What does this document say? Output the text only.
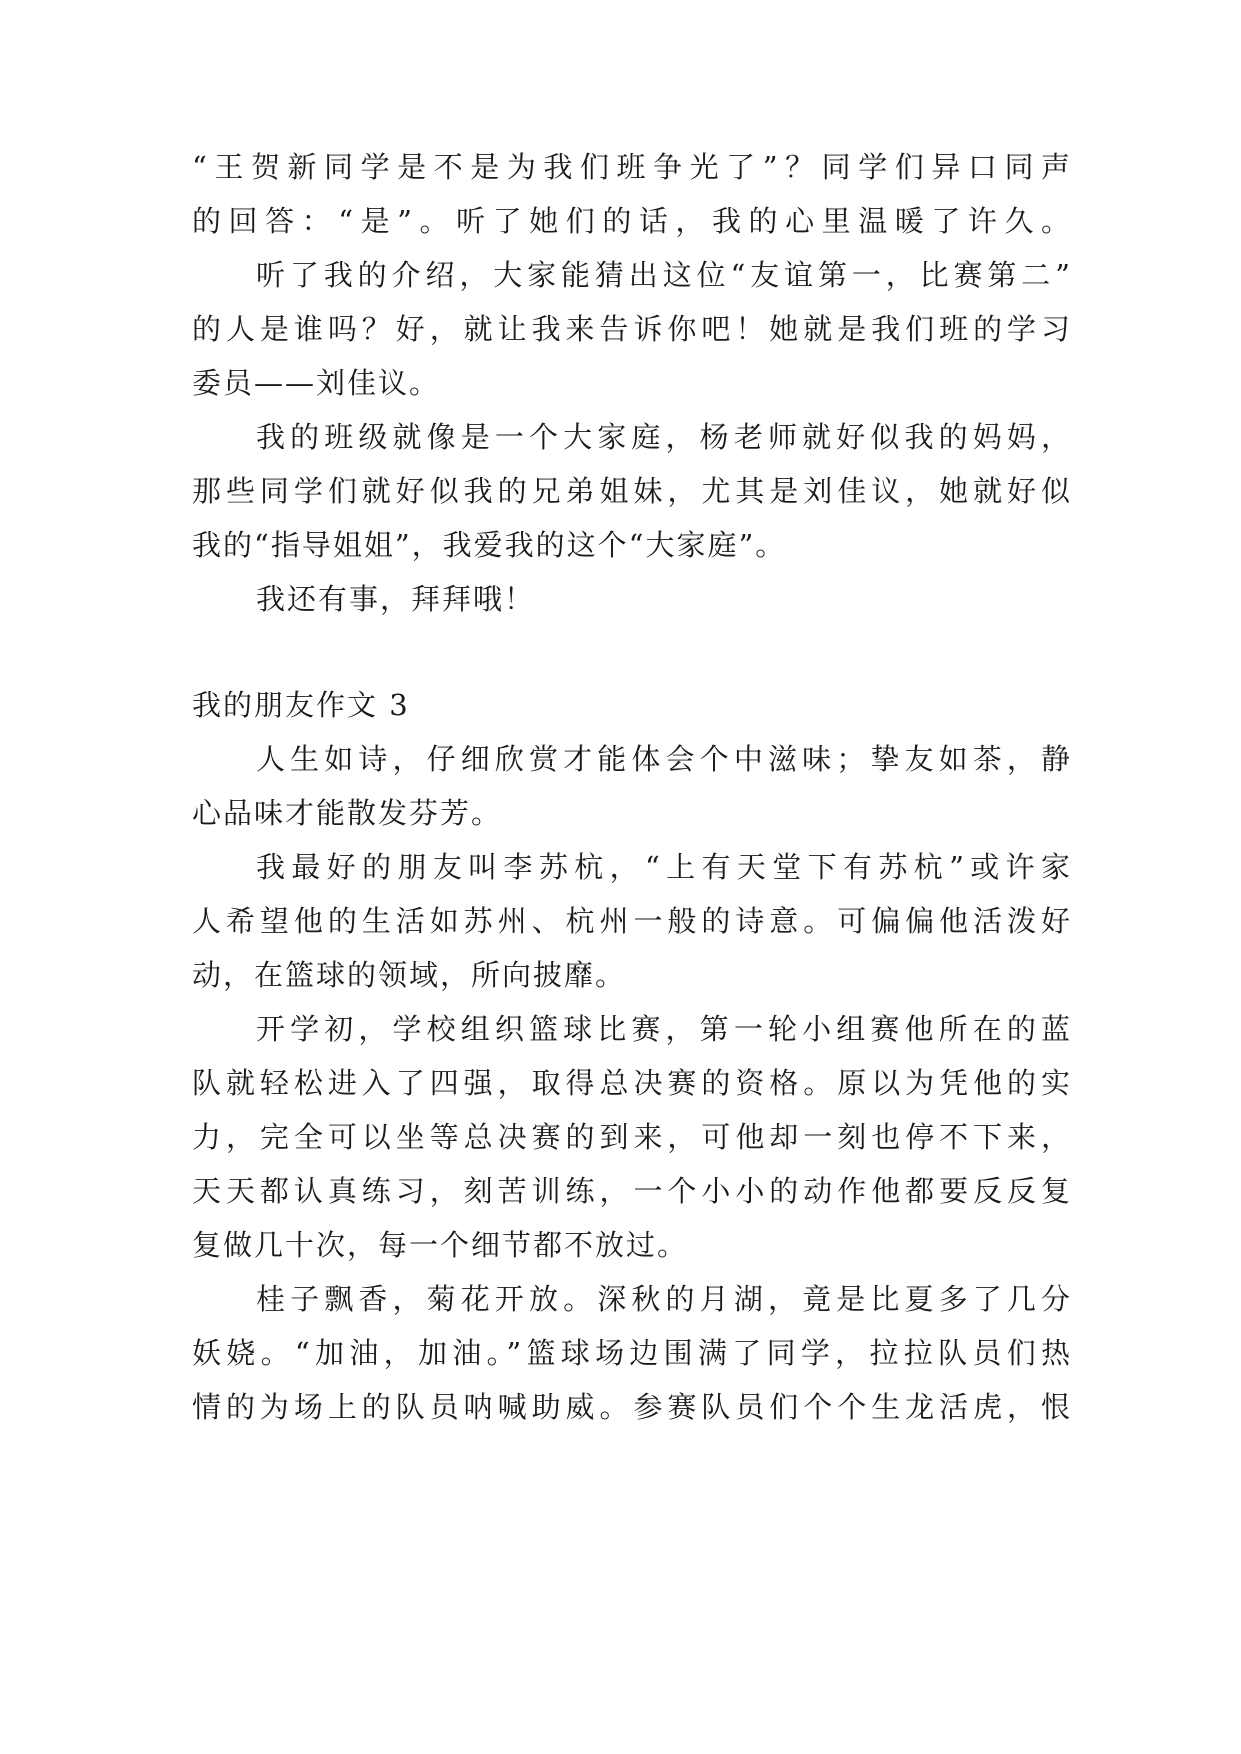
“王贺新同学是不是为我们班争光了”？同学们异口同声
的回答：“是”。听了她们的话，我的心里温暖了许久。
听了我的介绍，大家能猜出这位“友谊第一，比赛第二”
的人是谁吗？好，就让我来告诉你吧！她就是我们班的学习
委员——刘佳议。
我的班级就像是一个大家庭，杨老师就好似我的妈妈，
那些同学们就好似我的兄弟姐妹，尤其是刘佳议，她就好似
我的“指导姐姐”，我爱我的这个“大家庭”。
我还有事，拜拜哦！
我的朋友作文 3
人生如诗，仔细欣赏才能体会个中滋味；挚友如茶，静
心品味才能散发芬芳。
我最好的朋友叫李苏杭，“上有天堂下有苏杭”或许家
人希望他的生活如苏州、杭州一般的诗意。可偏偏他活泼好
动，在篮球的领域，所向披靡。
开学初，学校组织篮球比赛，第一轮小组赛他所在的蓝
队就轻松进入了四强，取得总决赛的资格。原以为凭他的实
力，完全可以坐等总决赛的到来，可他却一刻也停不下来，
天天都认真练习，刻苦训练，一个小小的动作他都要反反复
复做几十次，每一个细节都不放过。
桂子飘香，菊花开放。深秋的月湖，竟是比夏多了几分
妖娆。“加油，加油。”篮球场边围满了同学，拉拉队员们热
情的为场上的队员呐喊助威。参赛队员们个个生龙活虎，恨
